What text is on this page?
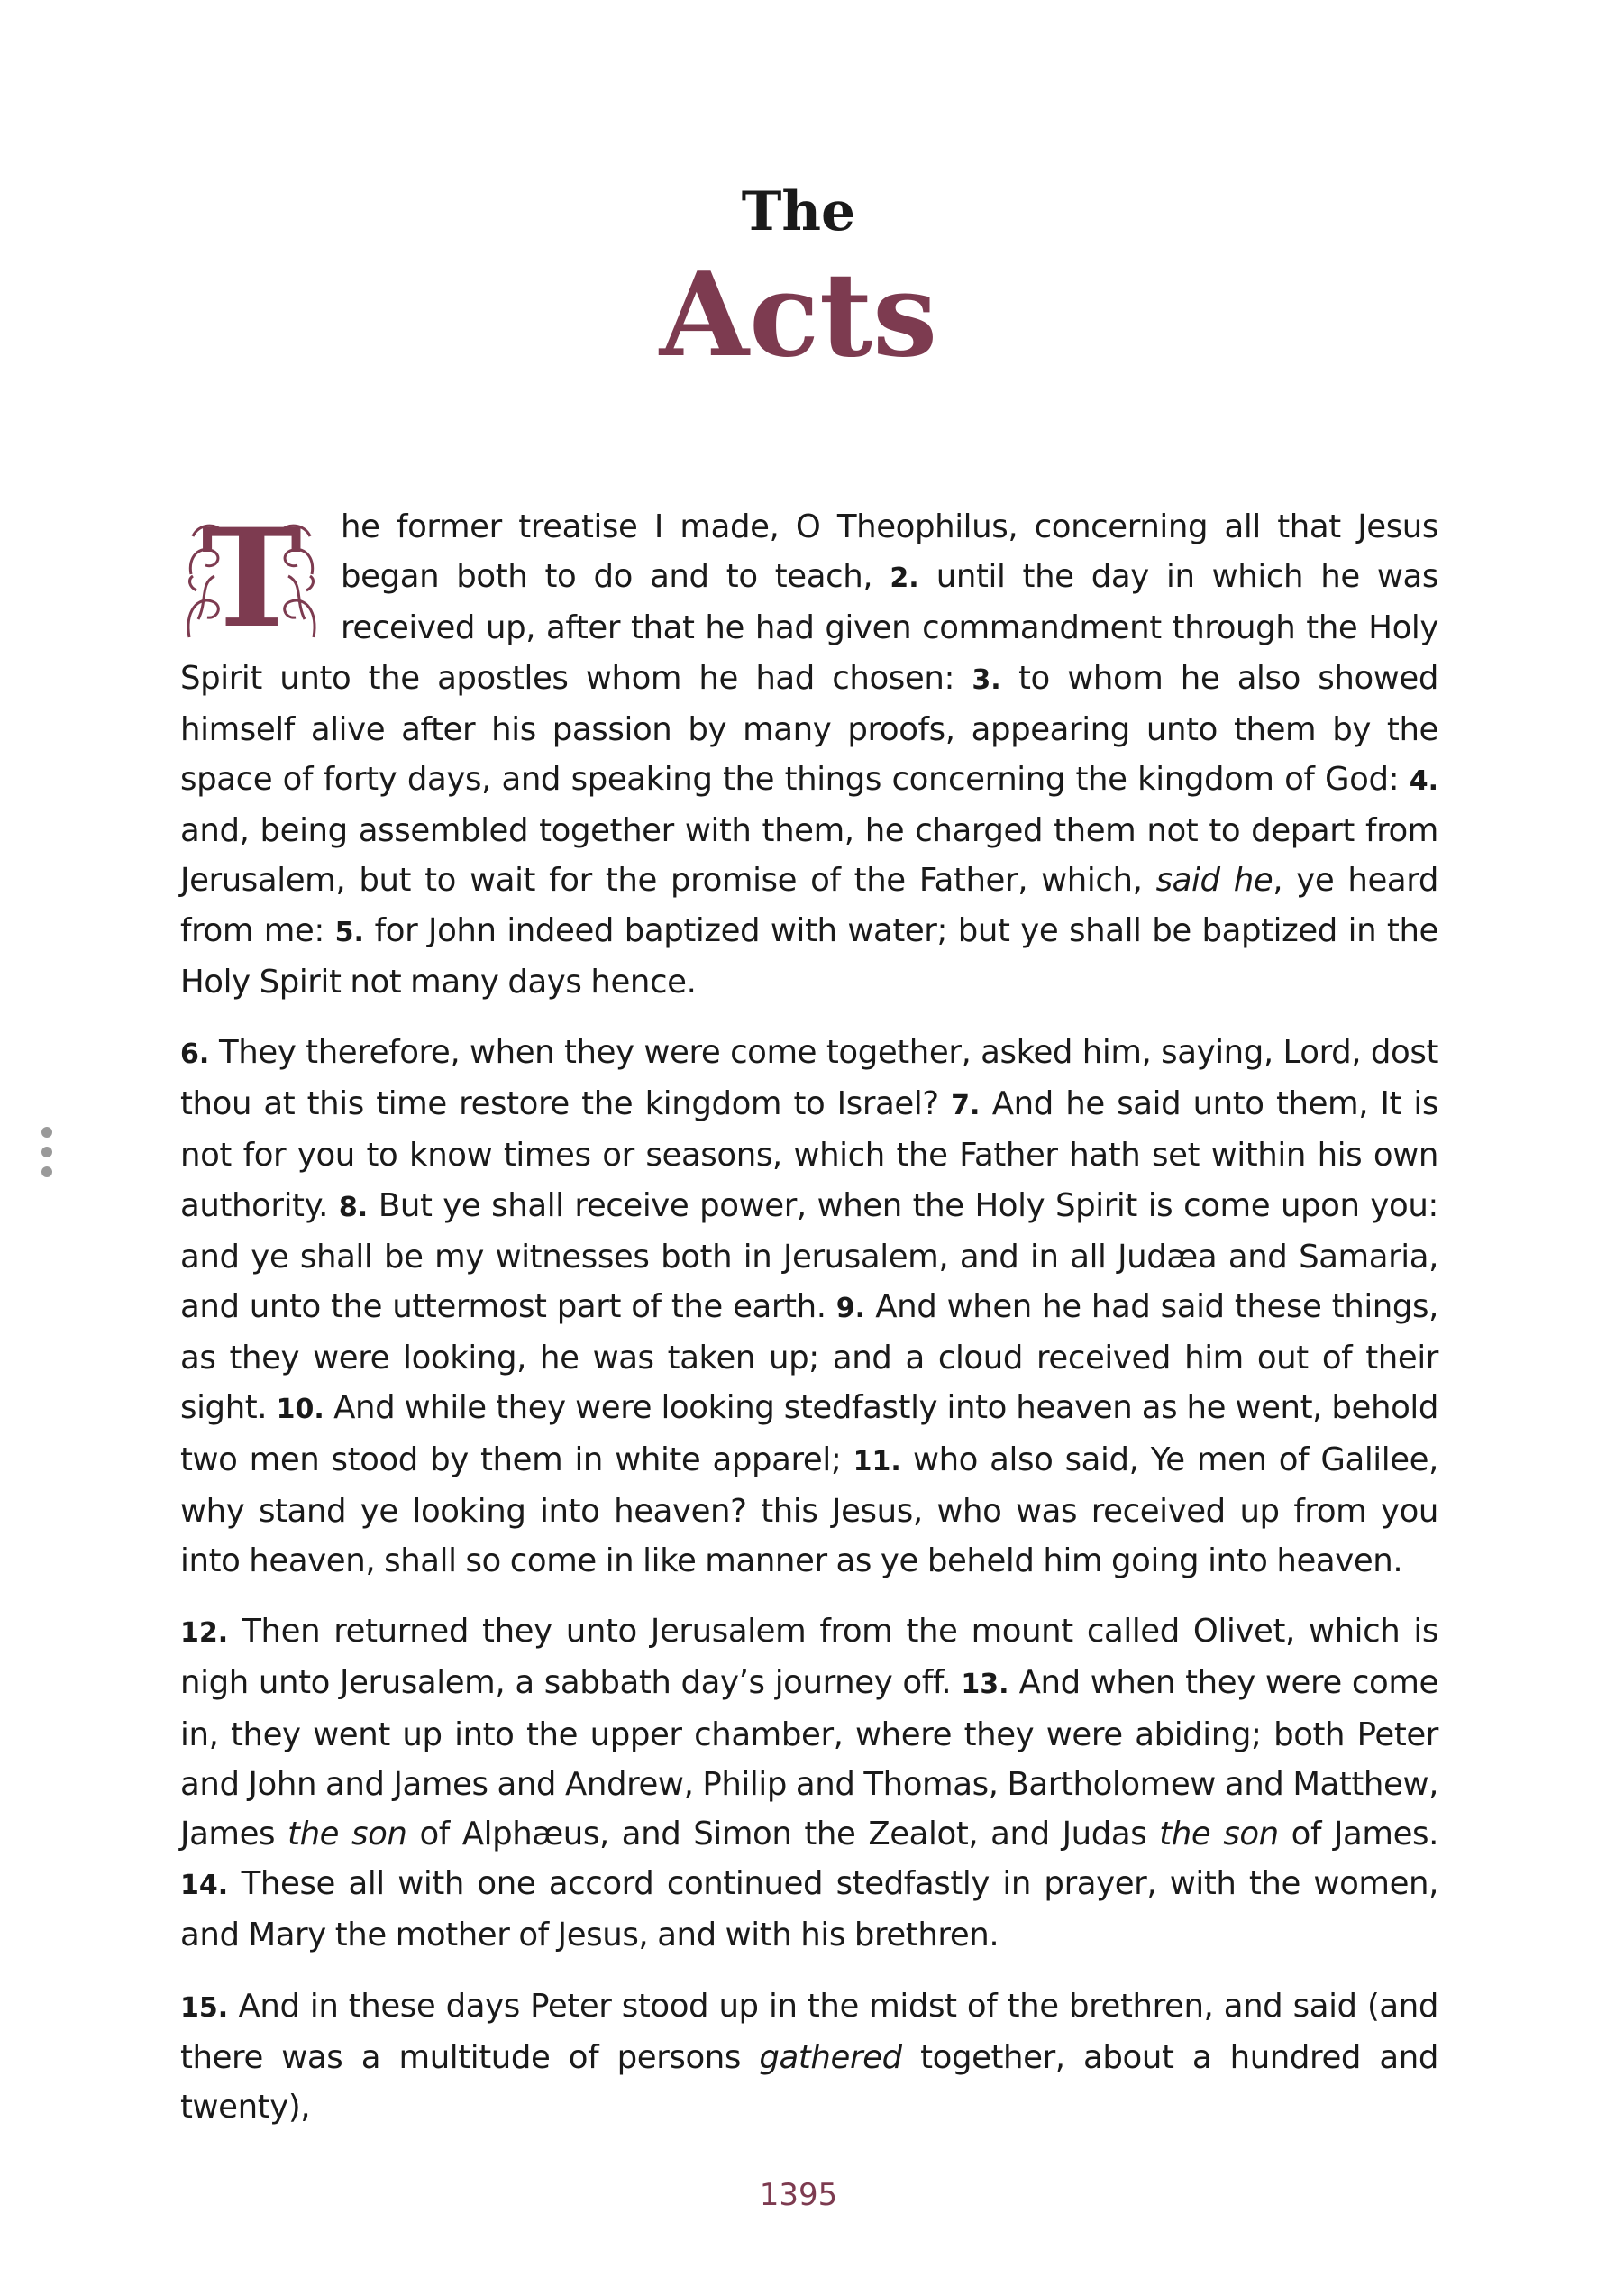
The
Acts

T	he former treatise I made, O Theophilus, concerning all that Jesus began both to do and to teach, 2. until the day in which he was received up, after that he had given commandment through the Holy Spirit unto the apostles whom he had chosen: 3. to whom he also showed himself alive after his passion by many proofs, appearing unto them by the space of forty days, and speaking the things concerning the kingdom of God: 4. and, being assembled together with them, he charged them not to depart from Jerusalem, but to wait for the promise of the Father, which, said he, ye heard from me: 5. for John indeed baptized with water; but ye shall be baptized in the Holy Spirit not many days hence.

6. They therefore, when they were come together, asked him, saying, Lord, dost thou at this time restore the kingdom to Israel? 7. And he said unto them, It is not for you to know times or seasons, which the Father hath set within his own authority. 8. But ye shall receive power, when the Holy Spirit is come upon you: and ye shall be my witnesses both in Jerusalem, and in all Judæa and Samaria, and unto the uttermost part of the earth. 9. And when he had said these things, as they were looking, he was taken up; and a cloud received him out of their sight. 10. And while they were looking stedfastly into heaven as he went, behold two men stood by them in white apparel; 11. who also said, Ye men of Galilee, why stand ye looking into heaven? this Jesus, who was received up from you into heaven, shall so come in like manner as ye beheld him going into heaven.

12. Then returned they unto Jerusalem from the mount called Olivet, which is nigh unto Jerusalem, a sabbath day’s journey off. 13. And when they were come in, they went up into the upper chamber, where they were abiding; both Peter and John and James and Andrew, Philip and Thomas, Bartholomew and Matthew, James the son of Alphæus, and Simon the Zealot, and Judas the son of James. 14. These all with one accord continued stedfastly in prayer, with the women, and Mary the mother of Jesus, and with his brethren.

15. And in these days Peter stood up in the midst of the brethren, and said (and there was a multitude of persons gathered together, about a hundred and twenty),

1395
